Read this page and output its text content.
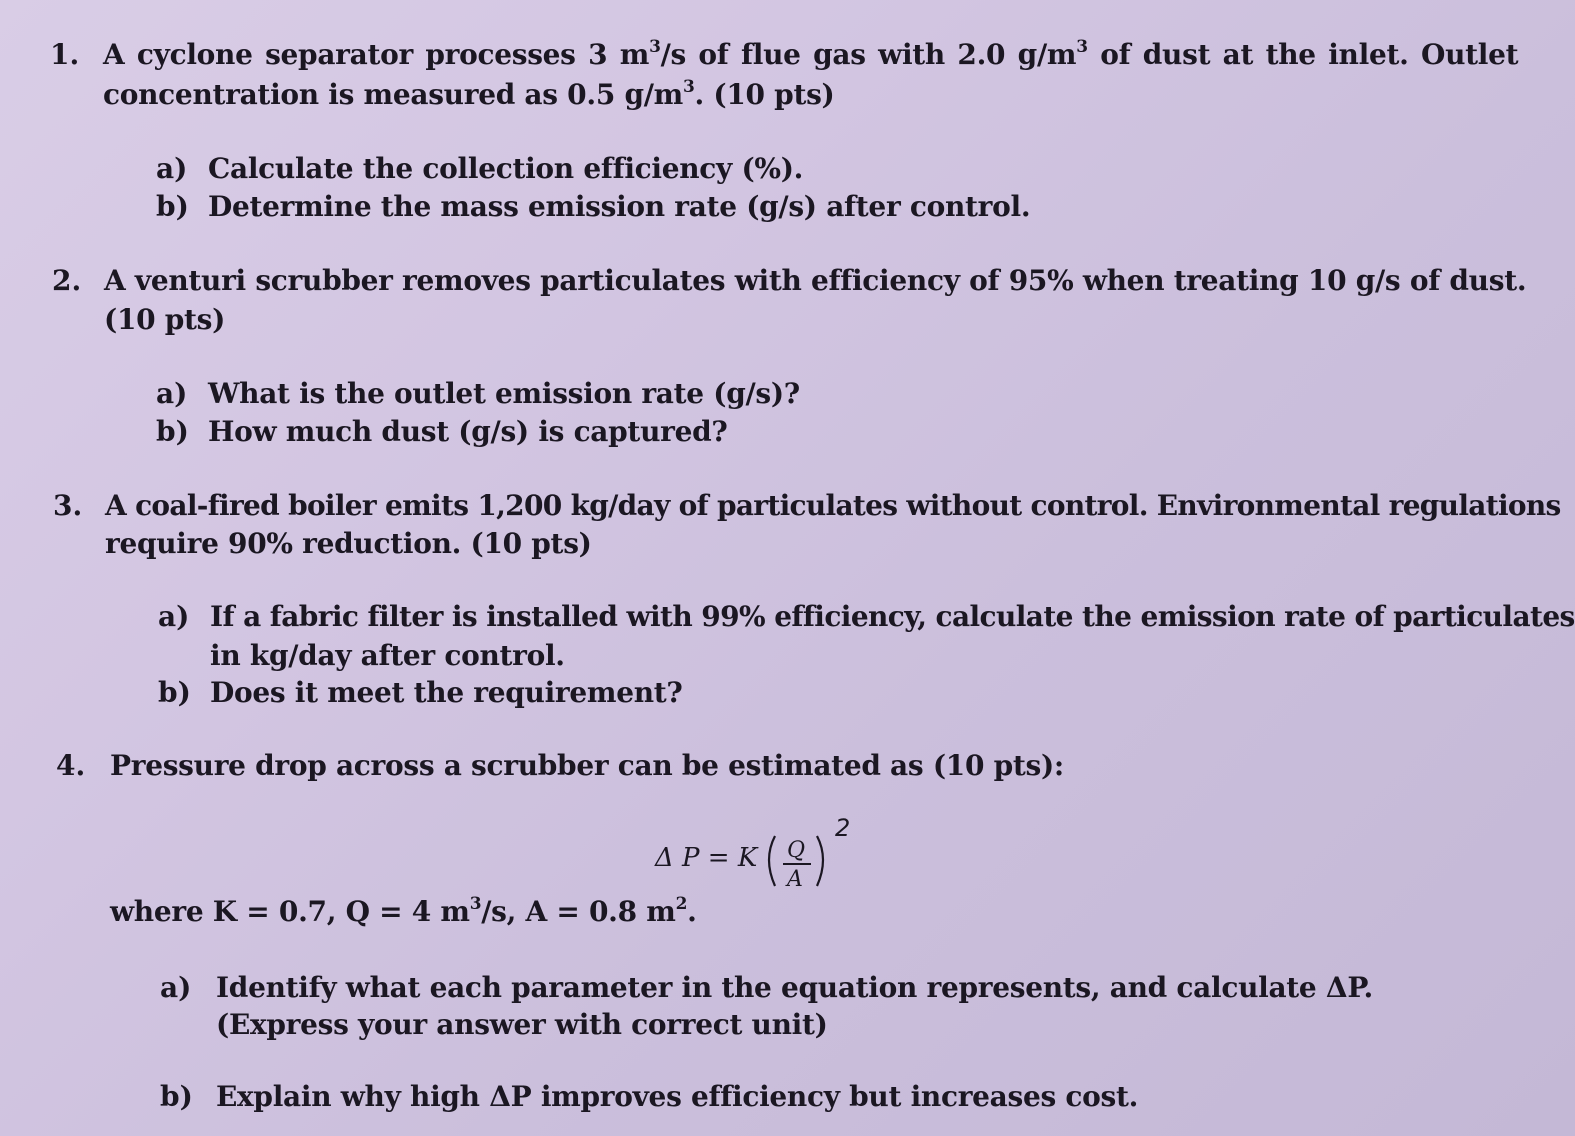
1. A cyclone separator processes 3 $m^3/s$ of flue gas with 2.0 $g/m^3$ of dust at the inlet. Outlet
concentration is measured as 0.5 $g/m^3$. (10 pts)
a) Calculate the collection efficiency (%).
b) Determine the mass emission rate (g/s) after control.
2. A venturi scrubber removes particulates with efficiency of 95% when treating 10 g/s of dust.
(10 pts)
a) What is the outlet emission rate (g/s)?
b) How much dust (g/s) is captured?
3. A coal-fired boiler emits 1,200 kg/day of particulates without control. Environmental regulations
require 90% reduction. (10 pts)
a) If a fabric filter is installed with 99% efficiency, calculate the emission rate of particulates
in kg/day after control.
b) Does it meet the requirement?
4. Pressure drop across a scrubber can be estimated as (10 pts):
Δ P = K Q
A
2
where K = 0.7, Q = 4 $m^3/s$, A = 0.8 $m^2$.
a) Identify what each parameter in the equation represents, and calculate ΔP.
(Express your answer with correct unit)
b) Explain why high ΔP improves efficiency but increases cost.
